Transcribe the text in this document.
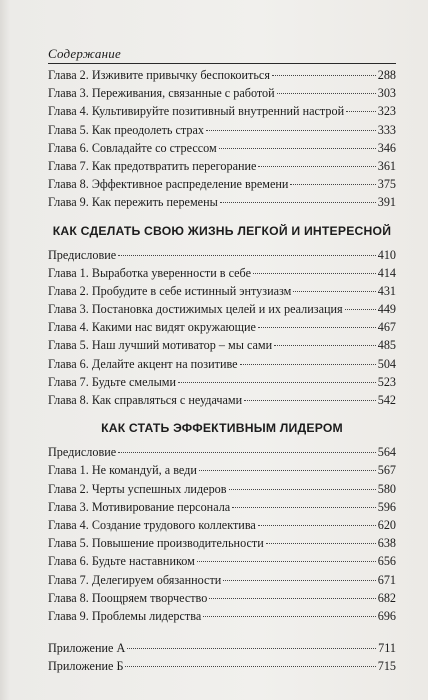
Содержание
Глава 2. Изживите привычку беспокоиться	288
Глава 3. Переживания, связанные с работой	303
Глава 4. Культивируйте позитивный внутренний настрой	323
Глава 5. Как преодолеть страх	333
Глава 6. Совладайте со стрессом	346
Глава 7. Как предотвратить перегорание	361
Глава 8. Эффективное распределение времени	375
Глава 9. Как пережить перемены	391
КАК СДЕЛАТЬ СВОЮ ЖИЗНЬ ЛЕГКОЙ И ИНТЕРЕСНОЙ
Предисловие	410
Глава 1. Выработка уверенности в себе	414
Глава 2. Пробудите в себе истинный энтузиазм	431
Глава 3. Постановка достижимых целей и их реализация	449
Глава 4. Какими нас видят окружающие	467
Глава 5. Наш лучший мотиватор – мы сами	485
Глава 6. Делайте акцент на позитиве	504
Глава 7. Будьте смелыми	523
Глава 8. Как справляться с неудачами	542
КАК СТАТЬ ЭФФЕКТИВНЫМ ЛИДЕРОМ
Предисловие	564
Глава 1. Не командуй, а веди	567
Глава 2. Черты успешных лидеров	580
Глава 3. Мотивирование персонала	596
Глава 4. Создание трудового коллектива	620
Глава 5. Повышение производительности	638
Глава 6. Будьте наставником	656
Глава 7. Делегируем обязанности	671
Глава 8. Поощряем творчество	682
Глава 9. Проблемы лидерства	696
Приложение А	711
Приложение Б	715
